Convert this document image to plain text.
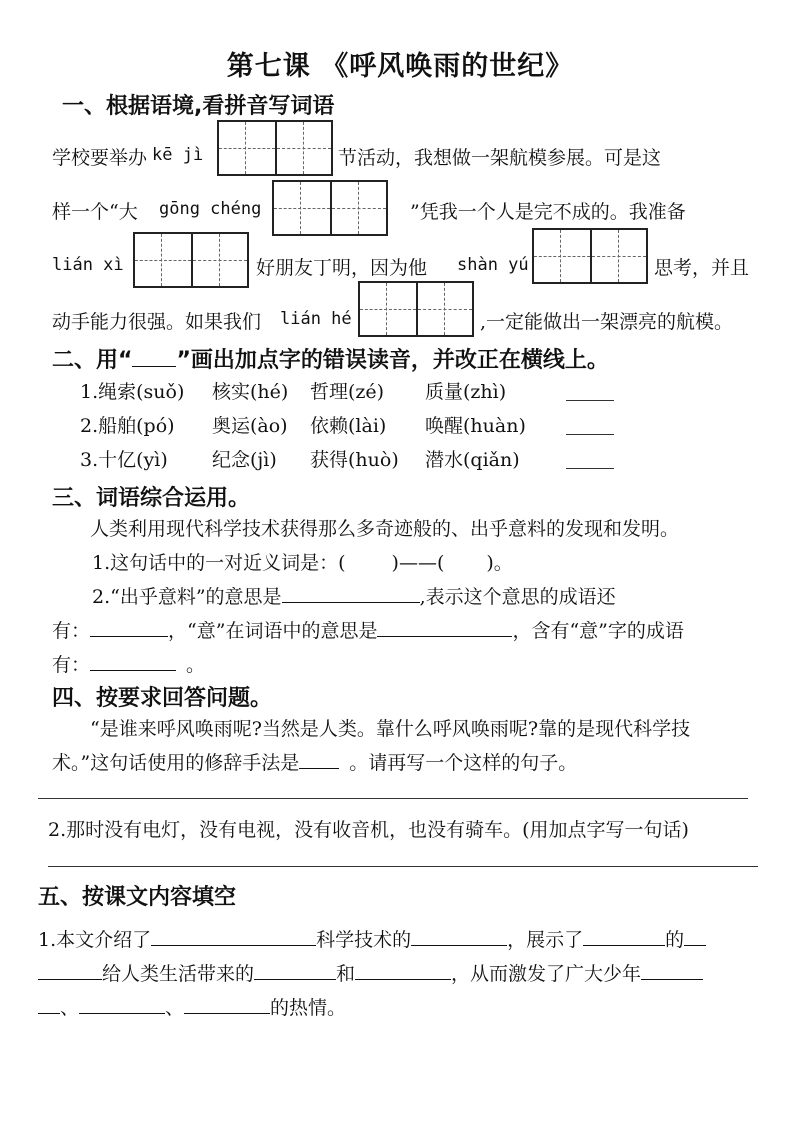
第七课 《呼风唤雨的世纪》
一、根据语境,看拼音写词语
学校要举办 kē jì	节活动，我想做一架航模参展。可是这
样一个“大 gōng chéng	”凭我一个人是完不成的。我准备
lián xì	好朋友丁明，因为他 shàn yú	思考，并且
动手能力很强。如果我们 lián hé	,一定能做出一架漂亮的航模。
二、用“ ”画出加点字的错误读音，并改正在横线上。
1.绳索(suǒ) 核实(hé) 哲理(zé) 质量(zhì)
2.船舶(pó) 奥运(ào) 依赖(lài) 唤醒(huàn)
3.十亿(yì) 纪念(jì) 获得(huò) 潜水(qiǎn)
三、词语综合运用。
人类利用现代科学技术获得那么多奇迹般的、出乎意料的发现和发明。
1.这句话中的一对近义词是：( )——( )。
2.“出乎意料”的意思是	,表示这个意思的成语还
有：	，“意”在词语中的意思是	，含有“意”字的成语
有：	。
四、按要求回答问题。
“是谁来呼风唤雨呢?当然是人类。靠什么呼风唤雨呢?靠的是现代科学技
术。”这句话使用的修辞手法是	。请再写一个这样的句子。
2.那时没有电灯，没有电视，没有收音机，也没有骑车。(用加点字写一句话)
五、按课文内容填空
1.本文介绍了	科学技术的	，展示了	的
给人类生活带来的	和	，从而激发了广大少年
、	、	的热情。
